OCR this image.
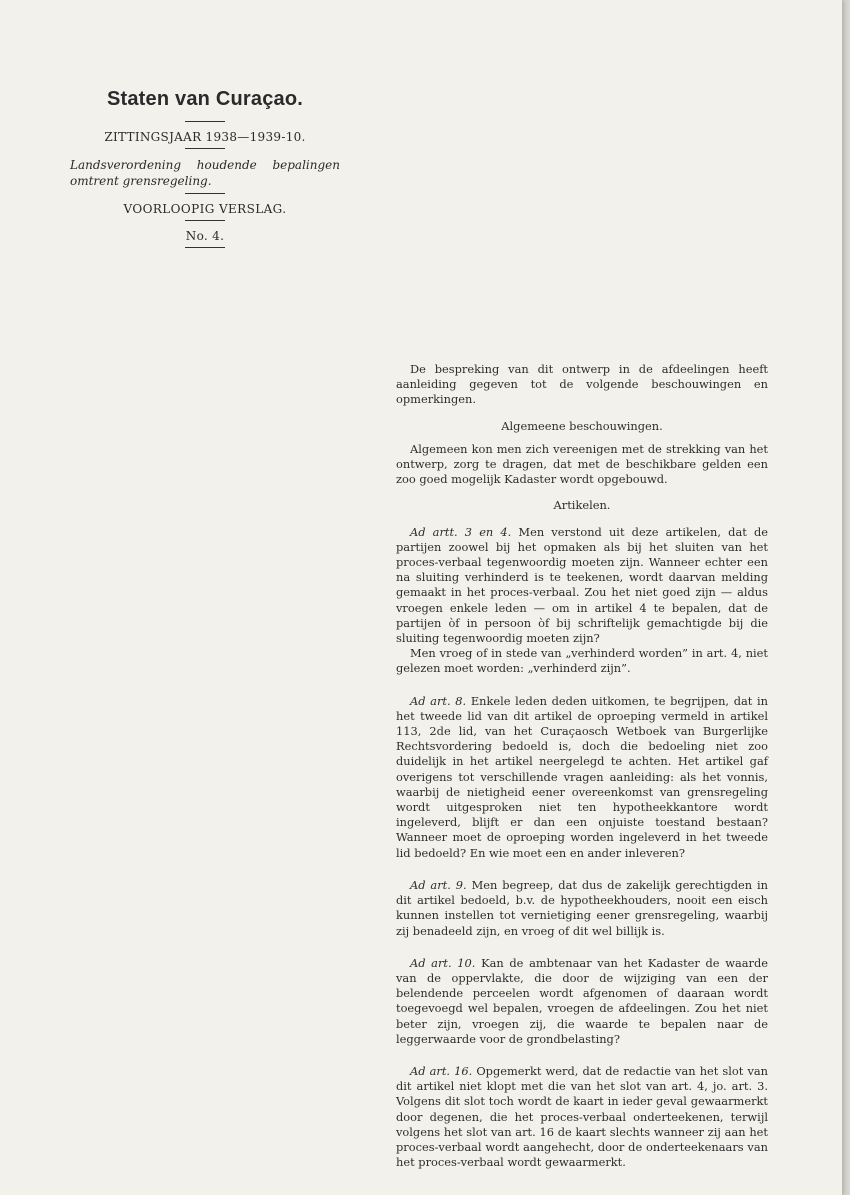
Staten van Curaçao.
ZITTINGSJAAR 1938—1939-10.

Landsverordening houdende bepalingen omtrent grensregeling.

VOORLOOPIG VERSLAG.
No. 4.

De bespreking van dit ontwerp in de afdeelingen heeft aanleiding gegeven tot de volgende beschouwingen en opmerkingen.

Algemeene beschouwingen.

Algemeen kon men zich vereenigen met de strekking van het ontwerp, zorg te dragen, dat met de beschikbare gelden een zoo goed mogelijk Kadaster wordt opgebouwd.

Artikelen.

Ad artt. 3 en 4. Men verstond uit deze artikelen, dat de partijen zoowel bij het opmaken als bij het sluiten van het proces-verbaal tegenwoordig moeten zijn. Wanneer echter een na sluiting verhinderd is te teekenen, wordt daarvan melding gemaakt in het proces-verbaal. Zou het niet goed zijn — aldus vroegen enkele leden — om in artikel 4 te bepalen, dat de partijen òf in persoon òf bij schriftelijk gemachtigde bij die sluiting tegenwoordig moeten zijn?

Men vroeg of in stede van „verhinderd worden” in art. 4, niet gelezen moet worden: „verhinderd zijn”.

Ad art. 8. Enkele leden deden uitkomen, te begrijpen, dat in het tweede lid van dit artikel de oproeping vermeld in artikel 113, 2de lid, van het Curaçaosch Wetboek van Burgerlijke Rechtsvordering bedoeld is, doch die bedoeling niet zoo duidelijk in het artikel neergelegd te achten. Het artikel gaf overigens tot verschillende vragen aanleiding: als het vonnis, waarbij de nietigheid eener overeenkomst van grensregeling wordt uitgesproken niet ten hypotheekkantore wordt ingeleverd, blijft er dan een onjuiste toestand bestaan? Wanneer moet de oproeping worden ingeleverd in het tweede lid bedoeld? En wie moet een en ander inleveren?

Ad art. 9. Men begreep, dat dus de zakelijk gerechtigden in dit artikel bedoeld, b.v. de hypotheekhouders, nooit een eisch kunnen instellen tot vernietiging eener grensregeling, waarbij zij benadeeld zijn, en vroeg of dit wel billijk is.

Ad art. 10. Kan de ambtenaar van het Kadaster de waarde van de oppervlakte, die door de wijziging van een der belendende perceelen wordt afgenomen of daaraan wordt toegevoegd wel bepalen, vroegen de afdeelingen. Zou het niet beter zijn, vroegen zij, die waarde te bepalen naar de leggerwaarde voor de grondbelasting?

Ad art. 16. Opgemerkt werd, dat de redactie van het slot van dit artikel niet klopt met die van het slot van art. 4, jo. art. 3. Volgens dit slot toch wordt de kaart in ieder geval gewaarmerkt door degenen, die het proces-verbaal onderteekenen, terwijl volgens het slot van art. 16 de kaart slechts wanneer zij aan het proces-verbaal wordt aangehecht, door de onderteekenaars van het proces-verbaal wordt gewaarmerkt.
